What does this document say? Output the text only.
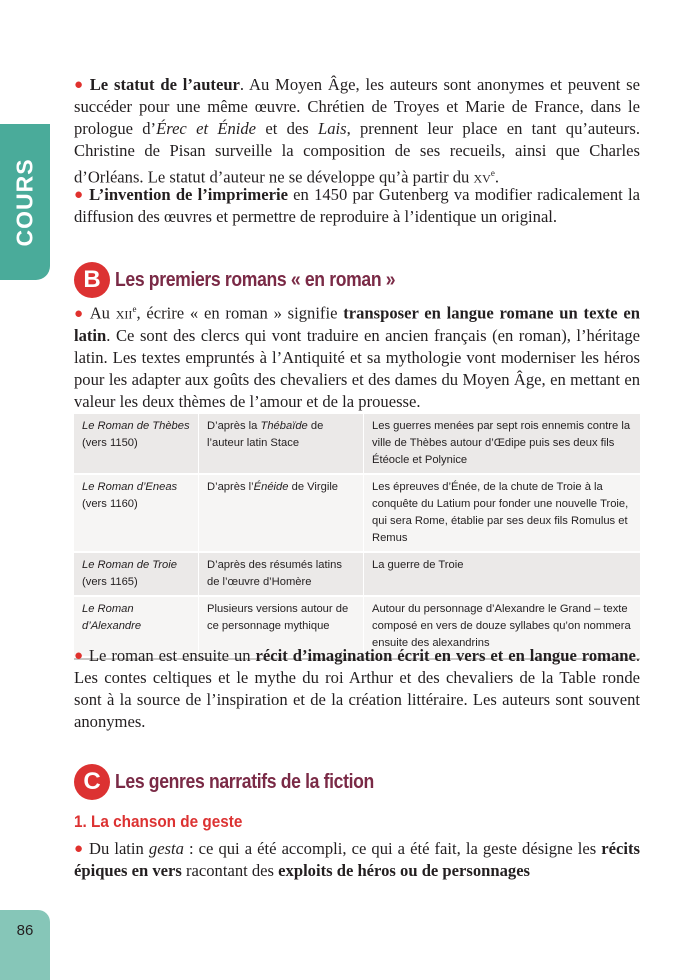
COURS
86

● Le statut de l’auteur. Au Moyen Âge, les auteurs sont anonymes et peuvent se succéder pour une même œuvre. Chrétien de Troyes et Marie de France, dans le prologue d’Érec et Énide et des Lais, prennent leur place en tant qu’auteurs. Christine de Pisan surveille la composition de ses recueils, ainsi que Charles d’Orléans. Le statut d’auteur ne se développe qu’à partir du $xv^e$.

● L’invention de l’imprimerie en 1450 par Gutenberg va modifier radicalement la diffusion des œuvres et permettre de reproduire à l’identique un original.

B Les premiers romans « en roman »

● Au xii$^e$, écrire « en roman » signifie transposer en langue romane un texte en latin. Ce sont des clercs qui vont traduire en ancien français (en roman), l’héritage latin. Les textes empruntés à l’Antiquité et sa mythologie vont moderniser les héros pour les adapter aux goûts des chevaliers et des dames du Moyen Âge, en mettant en valeur les deux thèmes de l’amour et de la prouesse.

Le Roman de Thèbes
(vers 1150)	D’après la Thébaïde de l’auteur latin Stace	Les guerres menées par sept rois ennemis contre la ville de Thèbes autour d’Œdipe puis ses deux fils Étéocle et Polynice
Le Roman d’Eneas
(vers 1160)	D’après l’Énéide de Virgile	Les épreuves d’Énée, de la chute de Troie à la conquête du Latium pour fonder une nouvelle Troie, qui sera Rome, établie par ses deux fils Romulus et Remus
Le Roman de Troie
(vers 1165)	D’après des résumés latins de l’œuvre d’Homère	La guerre de Troie
Le Roman d’Alexandre	Plusieurs versions autour de ce personnage mythique	Autour du personnage d’Alexandre le Grand – texte composé en vers de douze syllabes qu’on nommera ensuite des alexandrins

● Le roman est ensuite un récit d’imagination écrit en vers et en langue romane. Les contes celtiques et le mythe du roi Arthur et des chevaliers de la Table ronde sont à la source de l’inspiration et de la création littéraire. Les auteurs sont souvent anonymes.

C Les genres narratifs de la fiction
1. La chanson de geste

● Du latin gesta : ce qui a été accompli, ce qui a été fait, la geste désigne les récits épiques en vers racontant des exploits de héros ou de personnages
